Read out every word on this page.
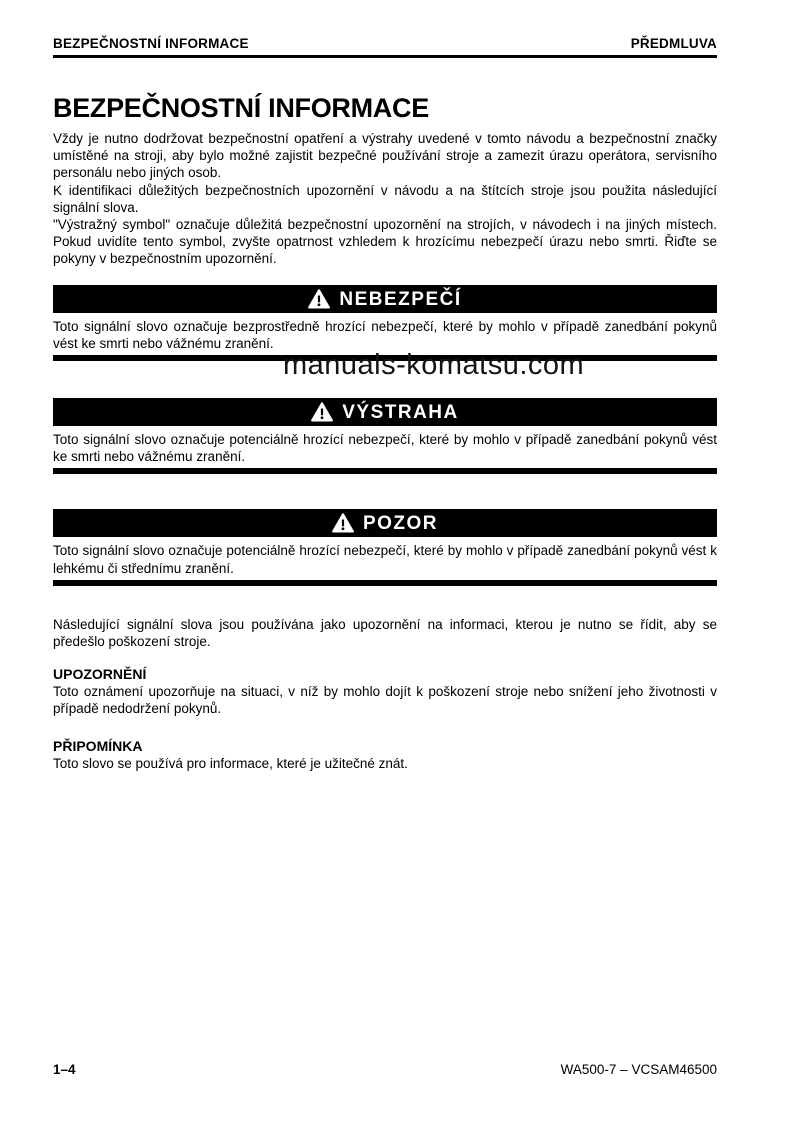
BEZPEČNOSTNÍ INFORMACE	PŘEDMLUVA
BEZPEČNOSTNÍ INFORMACE

Vždy je nutno dodržovat bezpečnostní opatření a výstrahy uvedené v tomto návodu a bezpečnostní značky umístěné na stroji, aby bylo možné zajistit bezpečné používání stroje a zamezit úrazu operátora, servisního personálu nebo jiných osob.

K identifikaci důležitých bezpečnostních upozornění v návodu a na štítcích stroje jsou použita následující signální slova.

"Výstražný symbol" označuje důležitá bezpečnostní upozornění na strojích, v návodech i na jiných místech. Pokud uvidíte tento symbol, zvyšte opatrnost vzhledem k hrozícímu nebezpečí úrazu nebo smrti. Řiďte se pokyny v bezpečnostním upozornění.

NEBEZPEČÍ

Toto signální slovo označuje bezprostředně hrozící nebezpečí, které by mohlo v případě zanedbání pokynů vést ke smrti nebo vážnému zranění.

VÝSTRAHA

Toto signální slovo označuje potenciálně hrozící nebezpečí, které by mohlo v případě zanedbání pokynů vést ke smrti nebo vážnému zranění.

POZOR

Toto signální slovo označuje potenciálně hrozící nebezpečí, které by mohlo v případě zanedbání pokynů vést k lehkému či střednímu zranění.

Následující signální slova jsou používána jako upozornění na informaci, kterou je nutno se řídit, aby se předešlo poškození stroje.

UPOZORNĚNÍ

Toto oznámení upozorňuje na situaci, v níž by mohlo dojít k poškození stroje nebo snížení jeho životnosti v případě nedodržení pokynů.

PŘIPOMÍNKA

Toto slovo se používá pro informace, které je užitečné znát.

manuals-komatsu.com
1–4	WA500-7 – VCSAM46500
